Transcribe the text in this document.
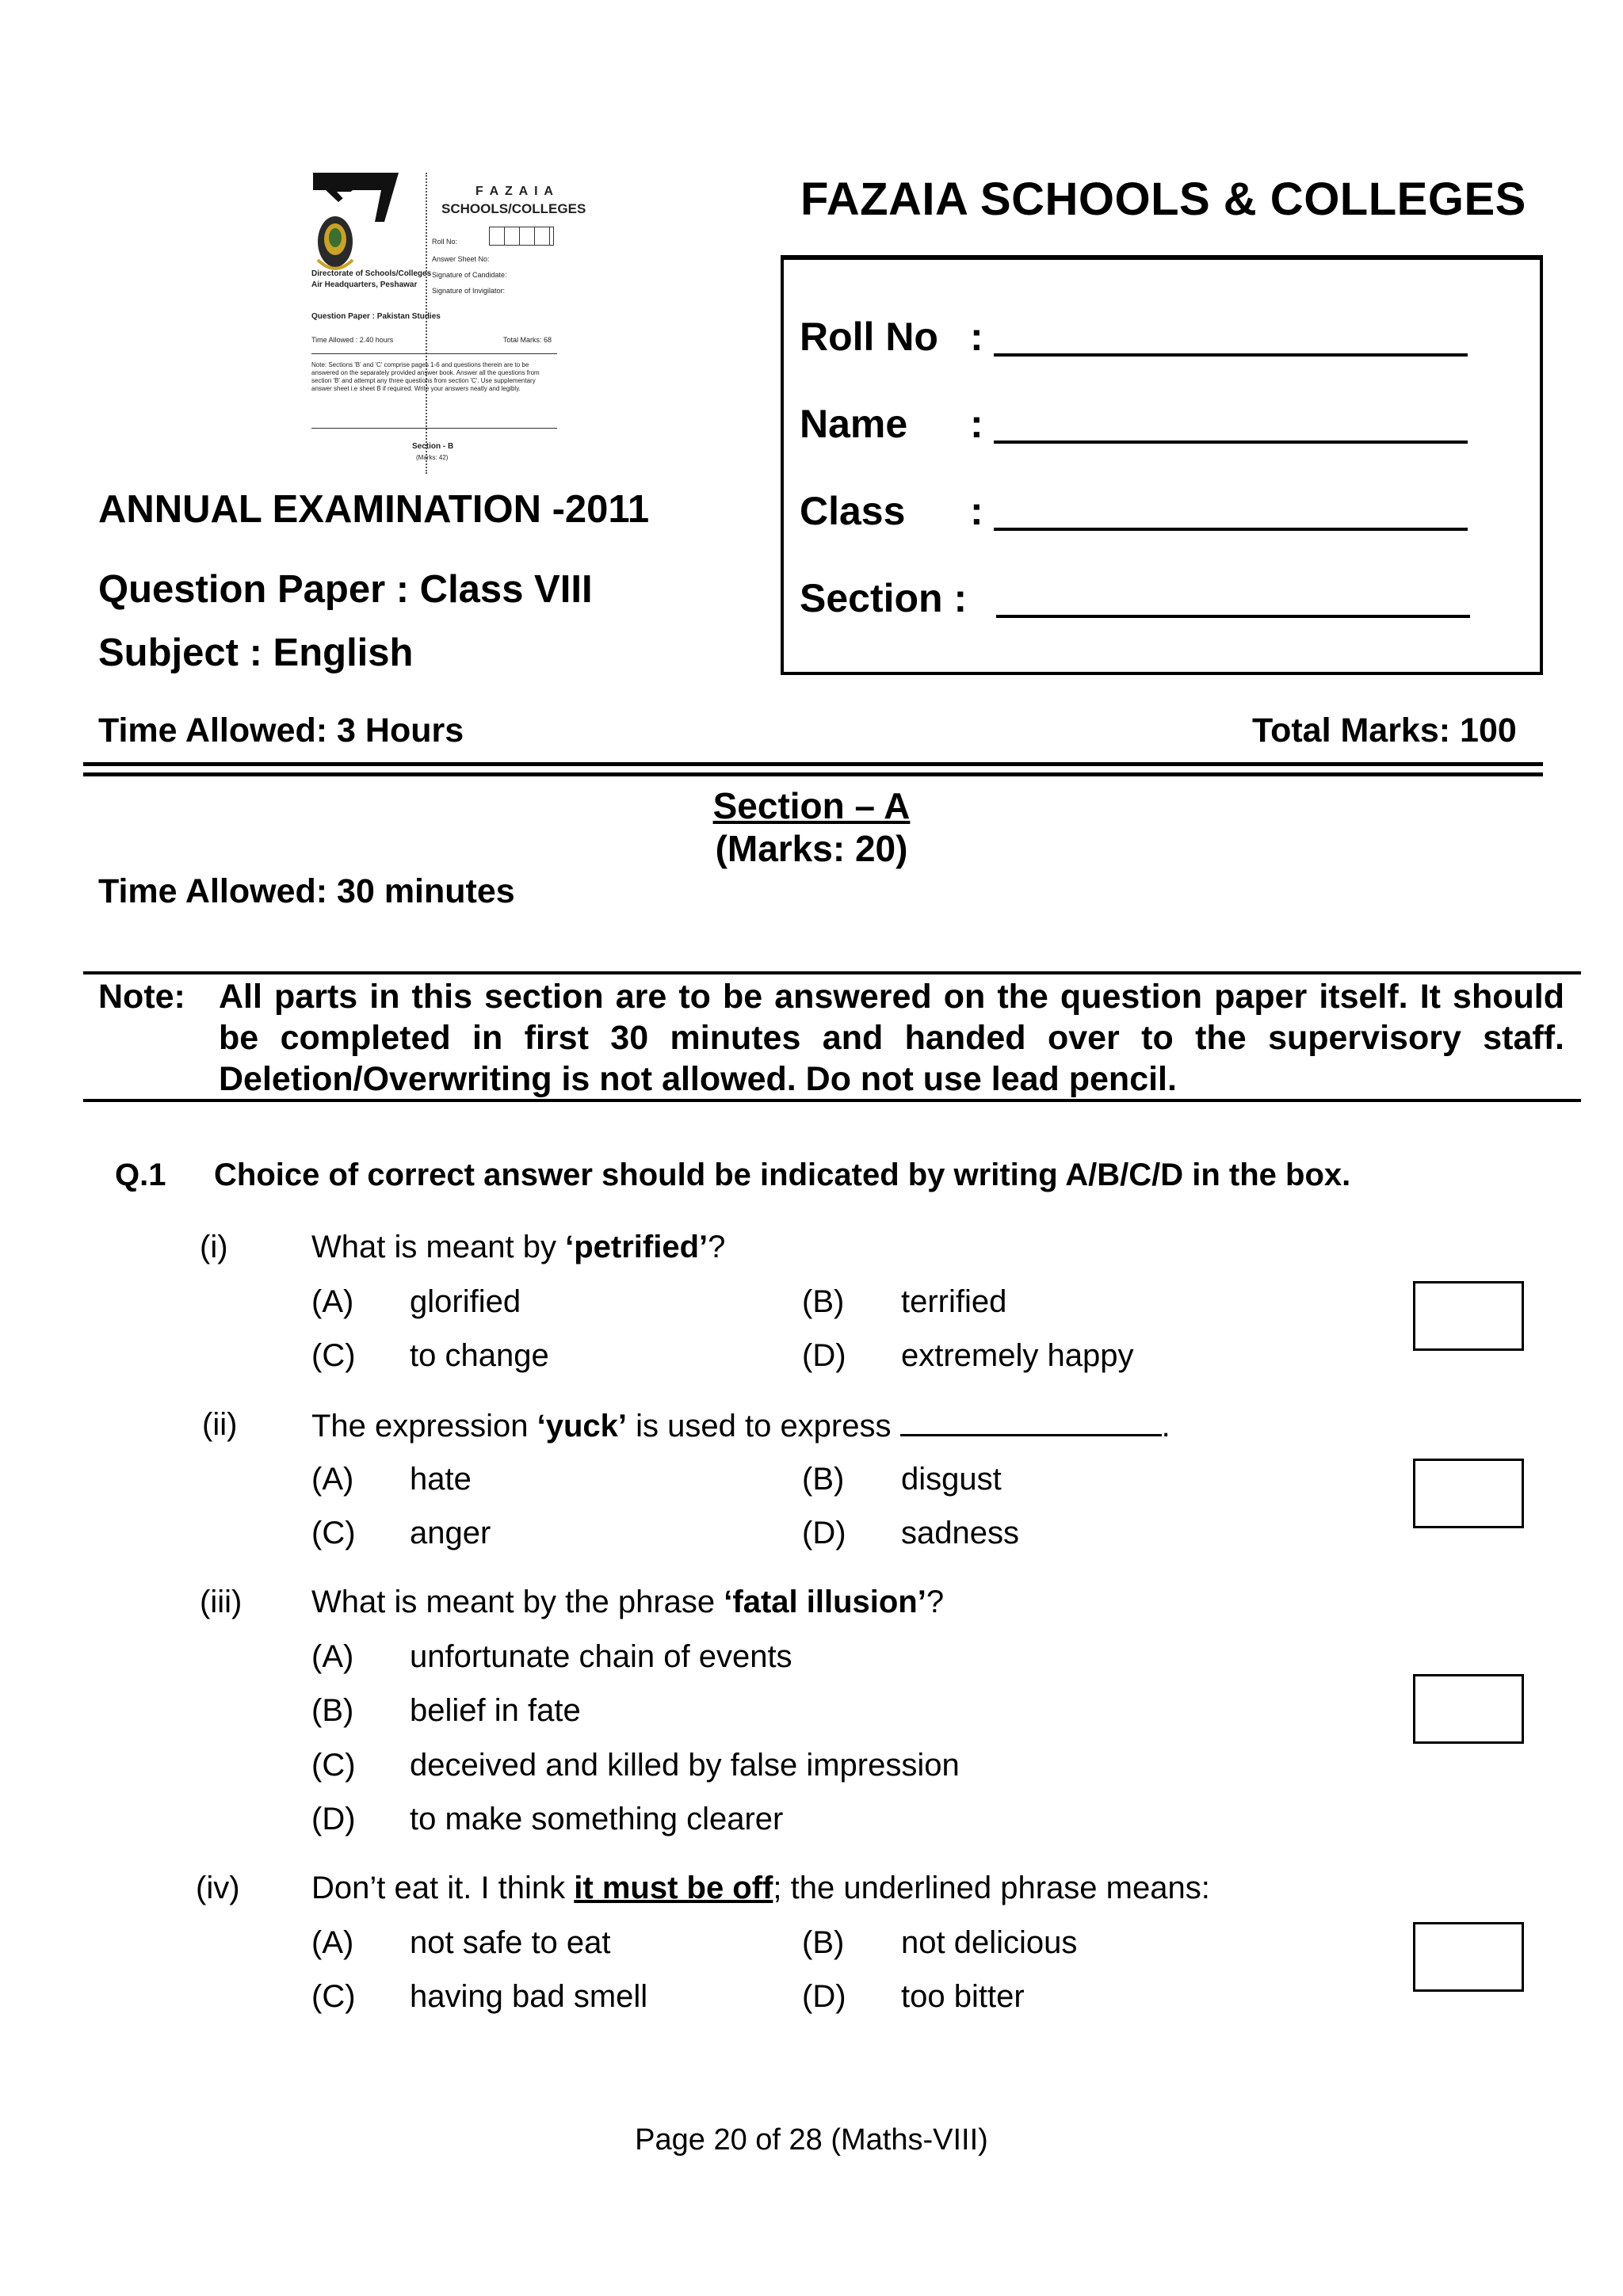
F A Z A I A
SCHOOLS/COLLEGES
Roll No:
Answer Sheet No:
Signature of Candidate:
Signature of Invigilator:
Directorate of Schools/Colleges
Air Headquarters, Peshawar
Question Paper : Pakistan Studies
Time Allowed : 2.40 hours	Total Marks: 68
Note: Sections 'B' and 'C' comprise pages 1-6 and questions therein are to be answered on the separately provided answer book. Answer all the questions from section 'B' and attempt any three questions from section 'C'. Use supplementary answer sheet i.e sheet B if required. Write your answers neatly and legibly.
Section - B
(Marks: 42)
FAZAIA SCHOOLS & COLLEGES
Roll No :
Name :
Class :
Section :
ANNUAL EXAMINATION -2011
Question Paper : Class VIII
Subject : English
Time Allowed: 3 Hours	Total Marks: 100
Section – A
(Marks: 20)
Time Allowed: 30 minutes
Note: All parts in this section are to be answered on the question paper itself. It should be completed in first 30 minutes and handed over to the supervisory staff. Deletion/Overwriting is not allowed. Do not use lead pencil.
Q.1 Choice of correct answer should be indicated by writing A/B/C/D in the box.
(i)	What is meant by ‘petrified’?
(A) glorified	(B) terrified
(C) to change	(D) extremely happy
(ii) The expression ‘yuck’ is used to express	.
(A) hate	(B) disgust
(C) anger	(D) sadness
(iii) What is meant by the phrase ‘fatal illusion’?
(A) unfortunate chain of events
(B) belief in fate
(C) deceived and killed by false impression
(D) to make something clearer
(iv) Don’t eat it. I think it must be off; the underlined phrase means:
(A) not safe to eat	(B) not delicious
(C) having bad smell	(D) too bitter
Page 20 of 28 (Maths-VIII)
